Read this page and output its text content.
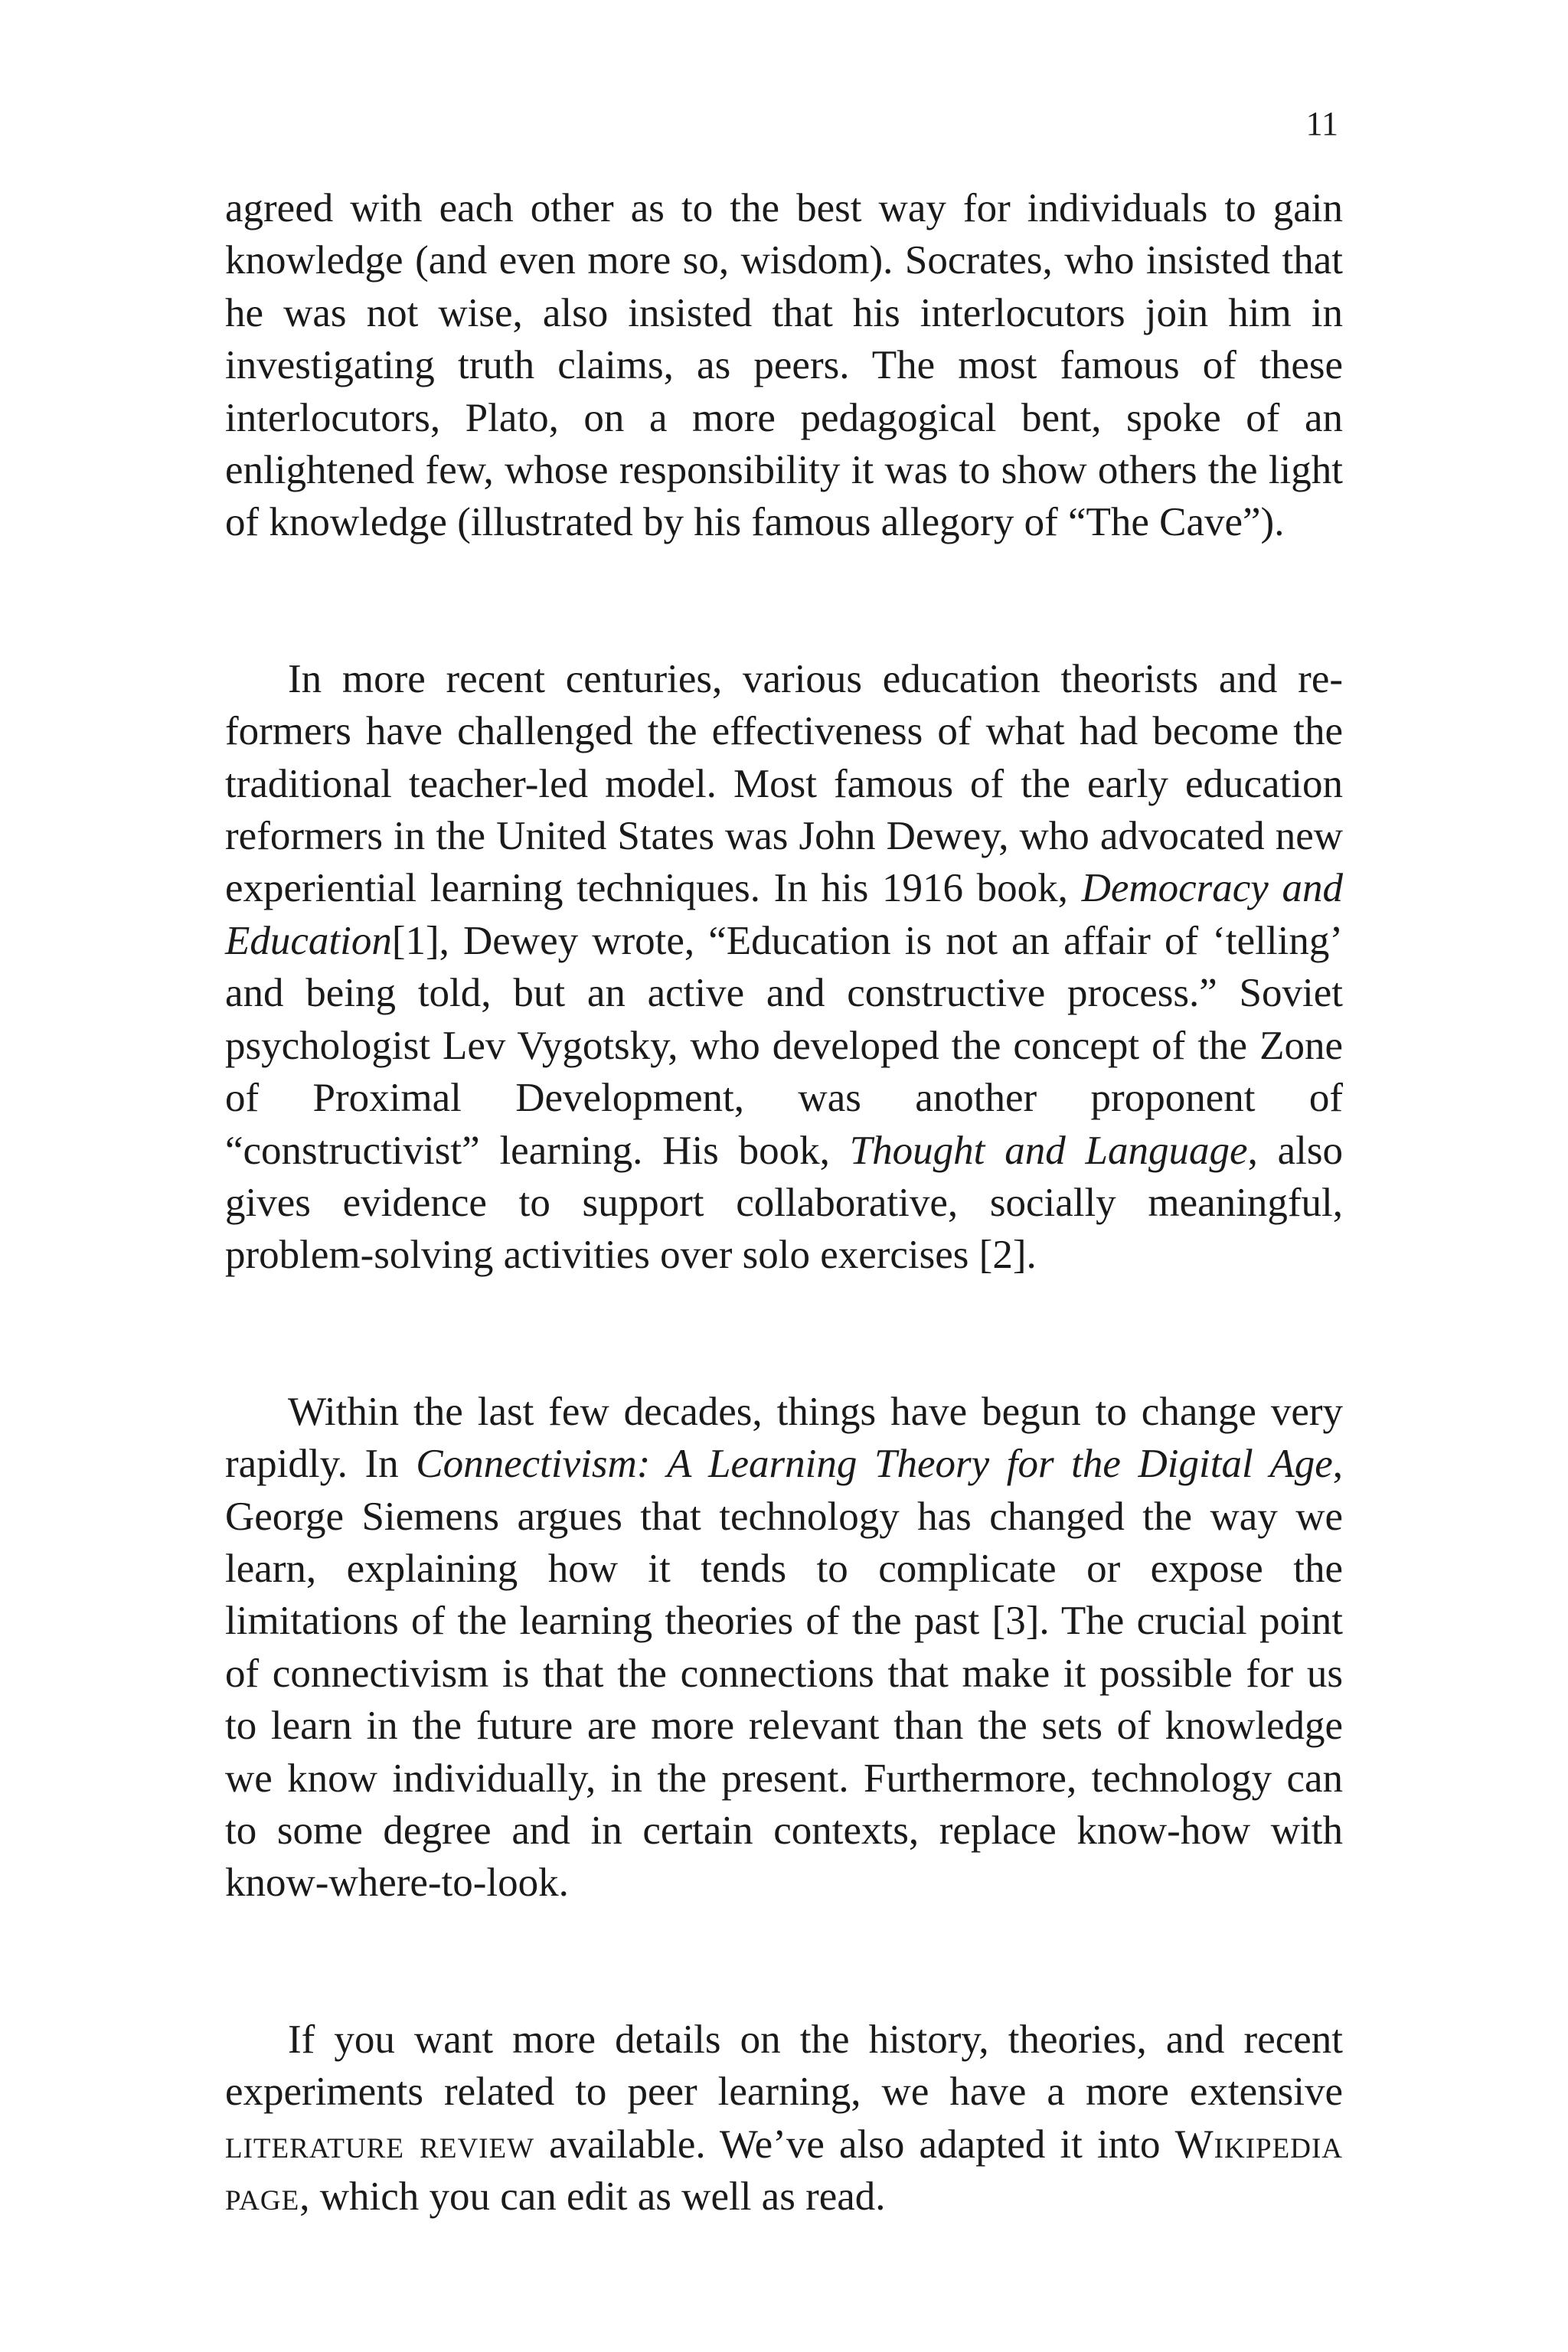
11

agreed with each other as to the best way for individuals to gain knowledge (and even more so, wisdom). Socrates, who insisted that he was not wise, also insisted that his interlocutors join him in investigating truth claims, as peers. The most famous of these interlocutors, Plato, on a more pedagogical bent, spoke of an enlightened few, whose responsibility it was to show others the light of knowledge (illustrated by his famous allegory of “The Cave”).

In more recent centuries, various education theorists and reformers have challenged the effectiveness of what had become the traditional teacher-led model. Most famous of the early education reformers in the United States was John Dewey, who advocated new experiential learning techniques. In his 1916 book, Democracy and Education[1], Dewey wrote, “Education is not an affair of ‘telling’ and being told, but an active and constructive process.” Soviet psychologist Lev Vygotsky, who developed the concept of the Zone of Proximal Development, was another proponent of “constructivist” learning. His book, Thought and Language, also gives evidence to support collaborative, socially meaningful, problem-solving activities over solo exercises [2].

Within the last few decades, things have begun to change very rapidly. In Connectivism: A Learning Theory for the Digital Age, George Siemens argues that technology has changed the way we learn, explaining how it tends to complicate or expose the limitations of the learning theories of the past [3]. The crucial point of connectivism is that the connections that make it possible for us to learn in the future are more relevant than the sets of knowledge we know individually, in the present. Furthermore, technology can to some degree and in certain contexts, replace know-how with know-where-to-look.

If you want more details on the history, theories, and recent experiments related to peer learning, we have a more extensive literature review available. We’ve also adapted it into Wikipedia page, which you can edit as well as read.
